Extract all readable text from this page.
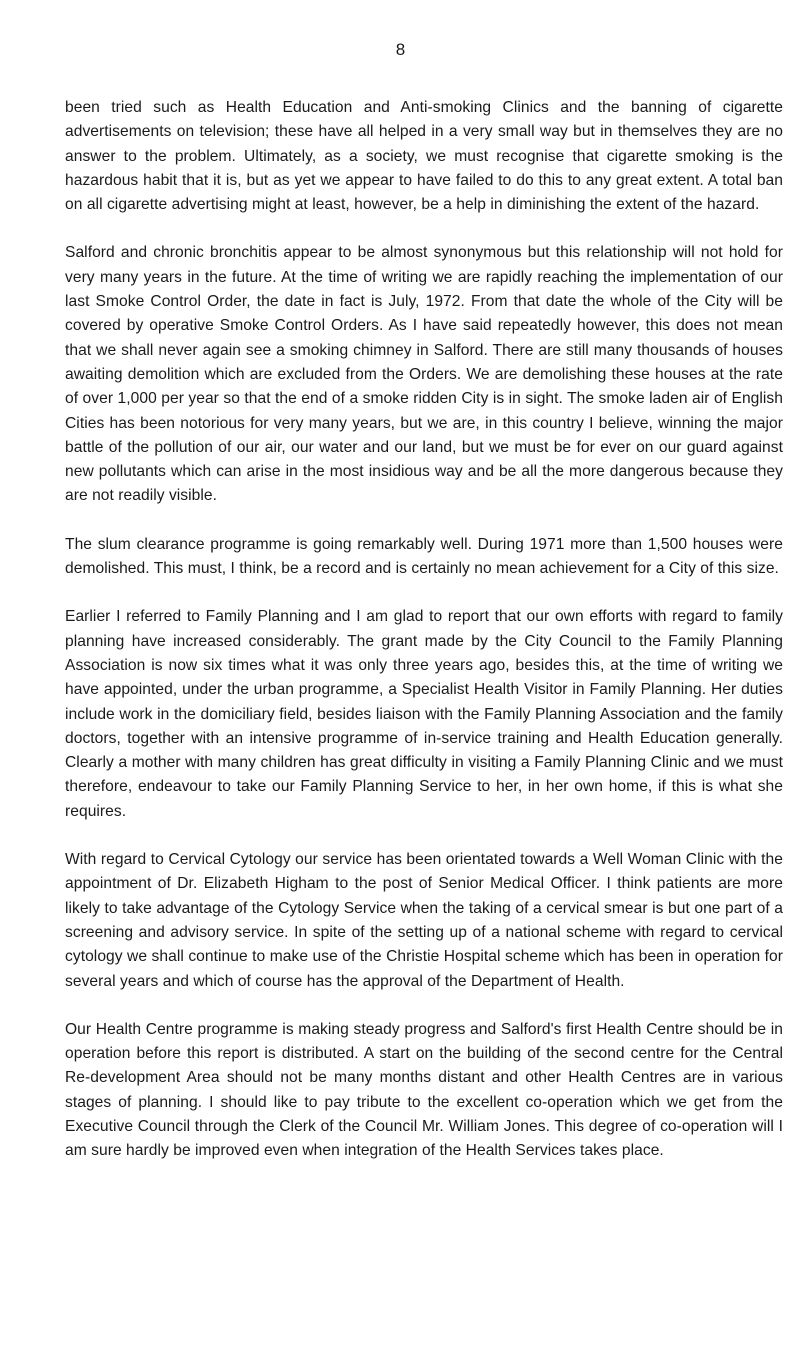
8

been tried such as Health Education and Anti-smoking Clinics and the banning of cigarette advertisements on television; these have all helped in a very small way but in themselves they are no answer to the problem. Ultimately, as a society, we must recognise that cigarette smoking is the hazardous habit that it is, but as yet we appear to have failed to do this to any great extent. A total ban on all cigarette advertising might at least, however, be a help in diminishing the extent of the hazard.

Salford and chronic bronchitis appear to be almost synonymous but this relationship will not hold for very many years in the future. At the time of writing we are rapidly reaching the implementation of our last Smoke Control Order, the date in fact is July, 1972. From that date the whole of the City will be covered by operative Smoke Control Orders. As I have said repeatedly however, this does not mean that we shall never again see a smoking chimney in Salford. There are still many thousands of houses awaiting demolition which are excluded from the Orders. We are demolishing these houses at the rate of over 1,000 per year so that the end of a smoke ridden City is in sight. The smoke laden air of English Cities has been notorious for very many years, but we are, in this country I believe, winning the major battle of the pollution of our air, our water and our land, but we must be for ever on our guard against new pollutants which can arise in the most insidious way and be all the more dangerous because they are not readily visible.

The slum clearance programme is going remarkably well. During 1971 more than 1,500 houses were demolished. This must, I think, be a record and is certainly no mean achievement for a City of this size.

Earlier I referred to Family Planning and I am glad to report that our own efforts with regard to family planning have increased considerably. The grant made by the City Council to the Family Planning Association is now six times what it was only three years ago, besides this, at the time of writing we have appointed, under the urban programme, a Specialist Health Visitor in Family Planning. Her duties include work in the domiciliary field, besides liaison with the Family Planning Association and the family doctors, together with an intensive programme of in-service training and Health Education generally. Clearly a mother with many children has great difficulty in visiting a Family Planning Clinic and we must therefore, endeavour to take our Family Planning Service to her, in her own home, if this is what she requires.

With regard to Cervical Cytology our service has been orientated towards a Well Woman Clinic with the appointment of Dr. Elizabeth Higham to the post of Senior Medical Officer. I think patients are more likely to take advantage of the Cytology Service when the taking of a cervical smear is but one part of a screening and advisory service. In spite of the setting up of a national scheme with regard to cervical cytology we shall continue to make use of the Christie Hospital scheme which has been in operation for several years and which of course has the approval of the Department of Health.

Our Health Centre programme is making steady progress and Salford's first Health Centre should be in operation before this report is distributed. A start on the building of the second centre for the Central Re-development Area should not be many months distant and other Health Centres are in various stages of planning. I should like to pay tribute to the excellent co-operation which we get from the Executive Council through the Clerk of the Council Mr. William Jones. This degree of co-operation will I am sure hardly be improved even when integration of the Health Services takes place.
